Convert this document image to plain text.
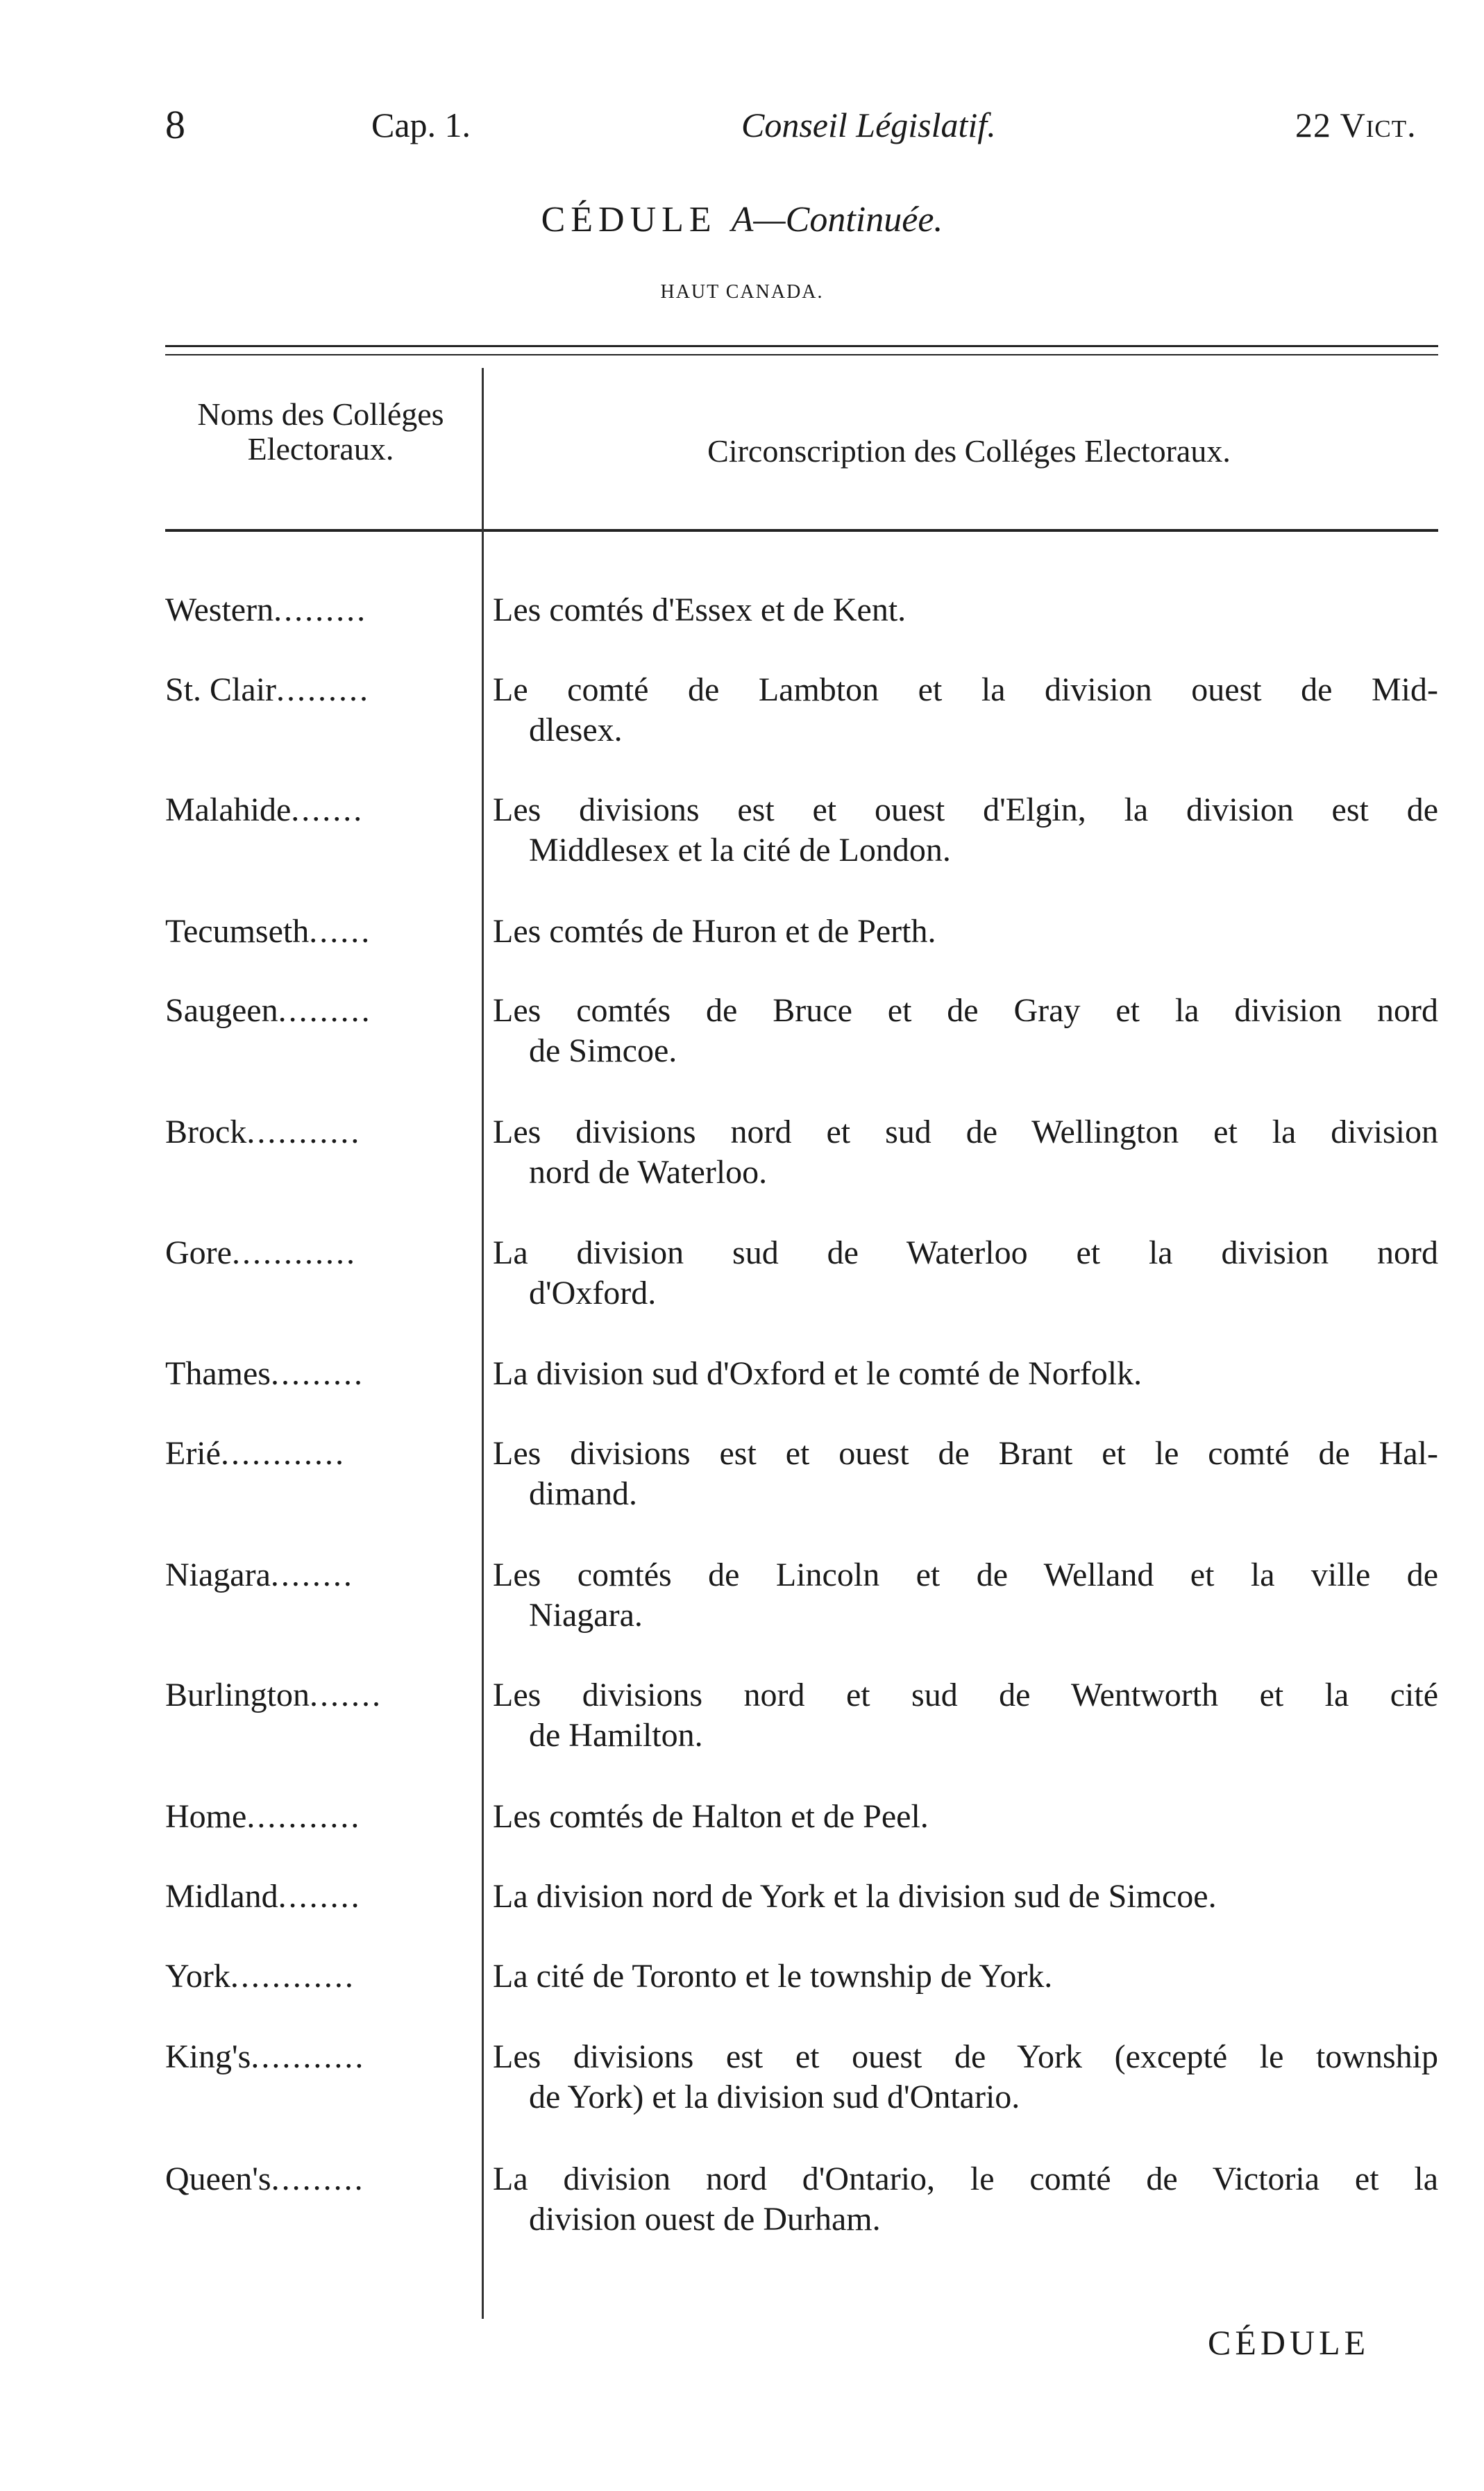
8	Cap. 1.	Conseil Législatif.	22 Vict.
CÉDULE A—Continuée.
HAUT CANADA.
Noms des Colléges Electoraux.	Circonscription des Colléges Electoraux.
Western.........	Les comtés d'Essex et de Kent.
St. Clair.........	Le comté de Lambton et la division ouest de Mid-
dlesex.
Malahide.......	Les divisions est et ouest d'Elgin, la division est de
Middlesex et la cité de London.
Tecumseth......	Les comtés de Huron et de Perth.
Saugeen.........	Les comtés de Bruce et de Gray et la division nord
de Simcoe.
Brock...........	Les divisions nord et sud de Wellington et la division
nord de Waterloo.
Gore............	La division sud de Waterloo et la division nord
d'Oxford.
Thames.........	La division sud d'Oxford et le comté de Norfolk.
Erié............	Les divisions est et ouest de Brant et le comté de Hal-
dimand.
Niagara........	Les comtés de Lincoln et de Welland et la ville de
Niagara.
Burlington.......	Les divisions nord et sud de Wentworth et la cité
de Hamilton.
Home...........	Les comtés de Halton et de Peel.
Midland........	La division nord de York et la division sud de Simcoe.
York............	La cité de Toronto et le township de York.
King's...........	Les divisions est et ouest de York (excepté le township
de York) et la division sud d'Ontario.
Queen's.........	La division nord d'Ontario, le comté de Victoria et la
division ouest de Durham.
CÉDULE
